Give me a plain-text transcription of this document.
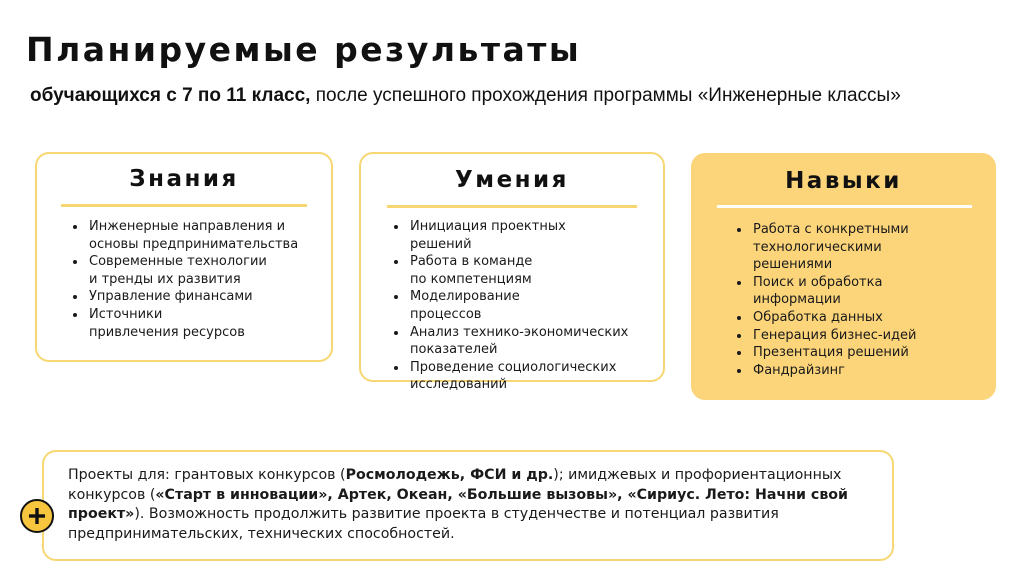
Планируемые результаты
обучающихся с 7 по 11 класс, после успешного прохождения программы «Инженерные классы»
Знания
• Инженерные направления и
основы предпринимательства
• Современные технологии
и тренды их развития
• Управление финансами
• Источники
привлечения ресурсов
Умения
• Инициация проектных
решений
• Работа в команде
по компетенциям
• Моделирование
процессов
• Анализ технико-экономических
показателей
• Проведение социологических
исследований
Навыки
• Работа с конкретными
технологическими
решениями
• Поиск и обработка
информации
• Обработка данных
• Генерация бизнес-идей
• Презентация решений
• Фандрайзинг
Проекты для: грантовых конкурсов (Росмолодежь, ФСИ и др.); имиджевых и профориентационных конкурсов («Старт в инновации», Артек, Океан, «Большие вызовы», «Сириус. Лето: Начни свой проект»). Возможность продолжить развитие проекта в студенчестве и потенциал развития предпринимательских, технических способностей.
